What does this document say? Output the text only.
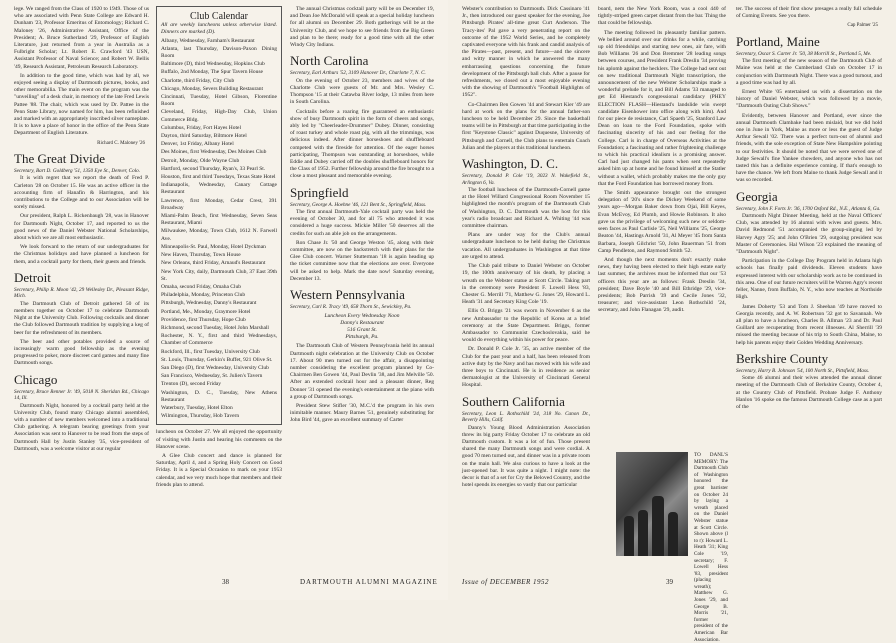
lege. We ranged from the Class of 1920 to 1949. Those of us who are associated with Penn State College are Edward H. Dunham '23, Professor Emeritus of Entomology; Richard C. Maloney '26, Administrative Assistant, Office of the President; A. Bruce Sutherland '29, Professor of English Literature, just returned from a year in Australia as a Fulbright Scholar; Lt. Robert E. Crawford '43 USN, Assistant Professor of Naval Science; and Robert W. Bellis '49, Research Assistant, Petroleum Research Laboratory.

In addition to the good time, which was had by all, we enjoyed seeing a display of Dartmouth pictures, books, and other memorabilia. The main event on the program was the "unveiling" of a desk chair, in memory of the late Fred Lewis Pattee '88. The chair, which was used by Dr. Pattee in the Penn State Library, now named for him, has been refinished and marked with an appropriately inscribed silver nameplate. It is to have a place of honor in the office of the Penn State Department of English Literature.

Richard C. Maloney '26
The Great Divide
Secretary, Bart D. Goldberg '51, 1350 Eye St., Denver, Colo.

It is with regret that we report the death of Fred P. Carleton '28 on October 15. He was an active officer in the accounting firm of Hanafin & Harrington, and his contributions to the College and to our Association will be sorely missed.

Our president, Ralph L. Rickenbaugh '28, was in Hanover for Dartmouth Night, October 17, and reported to us the good news of the Daniel Webster National Scholarships, about which we are all most enthusiastic.

We look forward to the return of our undergraduates for the Christmas holidays and have planned a luncheon for them, and a cocktail party for them, their guests and friends.

Detroit
Secretary, Philip R. Moon '42, 29 Wellesley Dr., Pleasant Ridge, Mich.

The Dartmouth Club of Detroit gathered 50 of its members together on October 17 to celebrate Dartmouth Night at the University Club. Following cocktails and dinner the Club followed Dartmouth tradition by supplying a keg of beer for the refreshment of its members.

The beer and other potables provided a source of increasingly warm good fellowship as the evening progressed to poker, more discreet card games and many fine Dartmouth songs.

Chicago
Secretary, Bruce Renner Jr. '49, 5018 N. Sheridan Rd., Chicago 14, Ill.

Dartmouth Night, honored by a cocktail party held at the University Club, found many Chicago alumni assembled, with a number of new members welcomed into a traditional Club gathering. A telegram bearing greetings from your Association was sent to Hanover to be read from the steps of Dartmouth Hall by Justin Stanley '35, vice-president of Dartmouth, was a welcome visitor at our regular

Club Calendar
All are weekly luncheons unless otherwise listed. Dinners are marked (D).
Albany, Wednesday, Farnham's Restaurant
Atlanta, last Thursday, Davison-Paxon Dining Room
Baltimore (D), third Wednesday, Hopkins Club
Buffalo, 2nd Monday, The Spur Tavern House
Charlotte, third Friday, City Club
Chicago, Monday, Severs Building Restaurant
Cincinnati, Tuesday, Hotel Gibson, Florentine Room
Cleveland, Friday, High-Day Club, Union Commerce Bldg.
Columbus, Friday, Fort Hayes Hotel
Dayton, third Saturday, Biltmore Hotel
Denver, 1st Friday, Albany Hotel
Des Moines, first Wednesday, Des Moines Club
Detroit, Monday, Olde Wayne Club
Hartford, second Thursday, Ryan's, 33 Pearl St.
Houston, first and third Tuesdays, Texas State Hotel
Indianapolis, Wednesday, Canary Cottage Restaurant
Lawrence, first Monday, Cedar Crest, 391 Broadway
Miami-Palm Beach, first Wednesday, Seven Seas Restaurant, Miami
Milwaukee, Monday, Town Club, 1612 N. Farwell Ave.
Minneapolis-St. Paul, Monday, Hotel Dyckman
New Haven, Thursday, Town House
New Orleans, third Friday, Arnaud's Restaurant
New York City, daily, Dartmouth Club, 37 East 39th St.
Omaha, second Friday, Omaha Club
Philadelphia, Monday, Princeton Club
Pittsburgh, Wednesday, Danny's Restaurant
Portland, Me., Monday, Graymore Hotel
Providence, first Thursday, Hope Club
Richmond, second Tuesday, Hotel John Marshall
Rochester, N. Y., first and third Wednesdays, Chamber of Commerce
Rockford, Ill., first Tuesday, University Club
St. Louis, Thursday, Gerkin's Buffet, 921 Olive St.
San Diego (D), first Wednesday, University Club
San Francisco, Wednesday, St. Julien's Tavern
Trenton (D), second Friday
Washington, D. C., Tuesday, New Athens Restaurant
Waterbury, Tuesday, Hotel Elton
Wilmington, Thursday, Hob Tavern

luncheon on October 27. We all enjoyed the opportunity of visiting with Justin and hearing his comments on the Hanover scene.

A Glee Club concert and dance is planned for Saturday, April 4, and a Spring Holy Concert on Good Friday. It is a Special Occasion to mark on your 1953 calendar, and we very much hope that members and their friends plan to attend.

The annual Christmas cocktail party will be on December 19, and Dean Joe McDonald will speak at a special holiday luncheon for all alumni on December 29. Both gatherings will be at the University Club, and we hope to see friends from the Big Green and plan to be there; ready for a good time with all the other Windy City Indians.

North Carolina
Secretary, Earl Arthurs '52, 3109 Hanover Dr., Charlotte 7, N. C.

On the evening of October 23, members and wives of the Charlotte Club were guests of Mr. and Mrs. Wesley C. Thompson '15 at their Catawba River lodge, 13 miles from here in South Carolina.

Cocktails before a roaring fire guaranteed an enthusiastic show of busy Dartmouth spirit in the form of cheers and songs, ably led by "Cheerleader-Drummer" Dubey. Dinner, consisting of roast turkey and whole roast pig, with all the trimmings, was delicious indeed. After dinner horseshoes and shuffleboard competed with the fireside for attention. Of the eager horses participating, Thompson was outstanding at horseshoes, while Eddie and Dubey carried off the doubles shuffleboard honors for the Class of 1952. Further fellowship around the fire brought to a close a most pleasant and memorable evening.

Springfield
Secretary, George A. Hoehne '46, 121 Bent St., Springfield, Mass.

The first annual Dartmouth-Yale cocktail party was held the evening of October 30, and for all 75 who attended it was considered a huge success. Mickie Miller '50 deserves all the credits for such an able job on the arrangements.

Ron Chase Jr. '50 and George Weston '45, along with their committee, are now on the backstretch with their plans for the Glee Club concert. Warner Stutterman '18 is again heading up the ticket committee now that the elections are over. Everyone will be asked to help. Mark the date now! Saturday evening, December 13.

Western Pennsylvania
Secretary, Carl R. Tracy '49, 658 Thorn St., Sewickley, Pa.
Luncheon Every Wednesday Noon
Danny's Restaurant
516 Grant St.
Pittsburgh, Pa.

The Dartmouth Club of Western Pennsylvania held its annual Dartmouth night celebration at the University Club on October 17. About 90 men turned out for the affair, a disappointing number considering the excellent program planned by Co-Chairmen Ben Gowen '44, Paul Devlin '38, and Jim Melville '50. After an extended cocktail hour and a pleasant dinner, Reg Donner '31 opened the evening's entertainment at the piano with a group of Dartmouth songs.

President Stew Stifler '30, M.C.'d the program in his own inimitable manner. Maury Barnes '51, genuinely substituting for John Bird '44, gave an excellent summary of Carter

38	DARTMOUTH ALUMNI MAGAZINE

Webster's contribution to Dartmouth. Dick Cassinaro '41 Jr., then introduced our guest speaker for the evening, Joe Pittsburgh Pirates' all-time great Curt Anderson. The Tracy-ites' Pal gave a very penetrating report on the outcome of the 1952 World Series, and he completely captivated everyone with his frank and candid analysis of the Pirates—past, present, and future—and the sincere and witty manner in which he answered the many embarrassing questions concerning the future development of the Pittsburgh ball club. After a pause for refreshments, we closed out a most enjoyable evening with the showing of Dartmouth's "Football Highlights of 1952".

Co-Chairmen Ben Gowen '44 and Stewart Kier '49 are hard at work on the plans for the annual father-son luncheon to be held December 29. Since the basketball teams will be in Pittsburgh at that time participating in the first "Keystone Classic" against Duquesne, University of Pittsburgh and Cornell, the Club plans to entertain Coach Julian and the players at this traditional luncheon.

Washington, D. C.
Secretary, Donald P. Cole '19, 3023 N. Wakefield St., Arlington 6, Va.

The football luncheon of the Dartmouth-Cornell game at the Hotel Willard Congressional Room November 15 highlighted the month's program of the Dartmouth Club of Washington, D. C. Dartmouth was the host for this year's radio broadcast and Richard A. Whiting '44 was committee chairman.

Plans are under way for the Club's annual undergraduate luncheon to be held during the Christmas vacation. All undergraduates in Washington at that time are urged to attend.

The Club paid tribute to Daniel Webster on October 19, the 100th anniversary of his death, by placing a wreath on the Webster statue at Scott Circle. Taking part in the ceremony were President F. Lowell Hess '83, Chester G. Merrill '71, Matthew G. Jones '29, Howard L. Heath '31 and Secretary King Cole '19.

Ellis O. Briggs '21 was sworn in November 6 as the new Ambassador to the Republic of Korea at a brief ceremony at the State Department. Briggs, former Ambassador to Communist Czechoslovakia, said he would do everything within his power for peace.

Dr. Donald P. Cole Jr. '35, an active member of the Club for the past year and a half, has been released from active duty by the Navy and has moved with his wife and three boys to Cincinnati. He is in residence as senior dermatologist at the University of Cincinnati General Hospital.

Southern California
Secretary, Leon L. Rothschild '24, 318 No. Canon Dr., Beverly Hills, Calif.

Danny's Young Blood Administration Association threw its big party Friday October 17 to celebrate an old Dartmouth custom. It was a lot of fun. Those present shared the many Dartmouth songs and were cordial. A good 70 men turned out, and dinner was in a private room on the main hall. We also curious to have a look at the just-opened bar. It was quite a night. I might note: the decor is that of a set for Cry the Beloved Country, and the hotel spends its energies so vastly that our particular

board, nem the New York Room, was a cool 440 of tightly-striped green carpet distant from the bar. Thing the that could be fellowship.

The meeting followed its pleasantly familiar pattern. We bellied around over our drinks for a while, catching up old friendships and starting new ones, air fare, with Bob Williams '26 and Don Bremmer '28 leading songs between courses, and President Frank Dreslin '34 proving his aplomb against the hecklers. The College had sent out on new traditional Dartmouth Night transcription, the announcement of the new Webster Scholarships made a wonderful prelude for it, and Bill Adams '33 managed to get Ed Hiestand's congressional candidacy (PHEY ELECTION FLASH—Hiestand's landslide win swept candidate Eisenhower into office along with him). And for our piece de resistance, Carl Spaeth '25, Stanford Law Dean on loan to the Ford Foundation, spoke with fascinating sincerity of his and our feeling for the College. Carl is in charge of Overseas Activities at the Foundation; a fascinating and rather frightening challenge to which his practical idealism is a promising answer. Carl had just changed his pants when sent repeatedly asked him up at home and he found himself at the Statler without a wallet, which probably makes me the only guy that the Ford Foundation has borrowed money from.

The Smith appearance brought out the strongest delegation of '20's since the Dickey Weekend of some years ago—Morgan Baker down from Ojai, Bill Keyes, Evan McEvoy, Ed Plumb, and Howie Robinson. It also gave us the privilege of welcoming such new or seldom-seen faces as Paul Carlisle '25, Neil Williams '25, George Beaton '44, Hastings Arnold '31, Al Meyer '45 from Santa Barbara, Joseph Gilchrist '50, John Bauerman '51 from Camp Pendleton, and Raymond Smith '52.

And though the next moments don't exactly make news, they having been elected to their high estate early last summer, the archives must be informed that our '53 officers this year are as follows: Frank Dreslin '34, president; Dave Boyle '40 and Bill Ethridge '29, vice-presidents; Bob Parrish '39 and Cecile Jones '32, treasurer; and vice-assistant Leon Rothschild '24, secretary, and John Flanagan '29, audit.

TO DANL'S MEMORY: The Dartmouth Club of Washington honored the great barrister on October 24 by laying a wreath placed on the Daniel Webster statue at Scott Circle. Shown above (l to r): Howard L. Heath '31; King Cole '19, secretary; F. Lowell Hess '83, president (placing wreath); Matthew G. Jones '29, and George B. Morris '21, former president of the American Bar Association.

ter. The success of their first show presages a really full schedule of Coming Events. See you there.

Cap Palmer '25
Portland, Maine
Secretary, Oscar S. Carter Jr. '50, 38 Morrill St., Portland 5, Me.

The first meeting of the new season of the Dartmouth Club of Maine was held at the Cumberland Club on October 17 in conjunction with Dartmouth Night. There was a good turnout, and a good time was had by all.

Ernest White '05 entertained us with a dissertation on the history of Daniel Webster, which was followed by a movie, "Dartmouth Outing Club Shows."

Evidently, between Hanover and Portland, ever since the annual Dartmouth Clambake had been mislaid, but we did hold one in June in York, Maine as more or less the guest of Judge Arthur Sewall '02. There was a perfect turn-out of alumni and friends, with the sole exception of State New Hampshire pointing to our festivities. It should be noted that we were served one of Judge Sewall's fine Yankee chowders, and anyone who has not tasted this has a definite experience coming. If that's enough to have the chance. We left from Maine to thank Judge Sewall and it was so recorded.

Georgia
Secretary, John F. Forts Jr. '36, 1700 Oxford Rd., N.E., Atlanta 6, Ga.

Dartmouth Night Dinner Meeting, held at the Naval Officers' Club, was attended by 16 alumni with wives and guests. Mrs. David Redmond '51 accompanied the group-singing led by Harvey Agry '25; and John O'Brien '29, outgoing president was Master of Ceremonies. Hal Wilson '23 explained the meaning of "Dartmouth Night".

Participation in the College Day Program held in Atlanta high schools has finally paid dividends. Eleven students have expressed interest with our scholarship work as to be continued in this area. One of our future recruiters will be Warren Agry's recent feller, Nanne, from Buffalo, N. Y., who now teaches at Northside High.

James Doherty '53 and Tom J. Sheehan '49 have moved to Georgia recently, and A. W. Robertson '32 got to Savannah. We all plan to have a luncheon, Charles B. Allman '23 and Dr. Paul Guillard are recuperating from recent illnesses. Al Sherrill '39 missed the meeting because of his trip to South China, Maine, to help his parents enjoy their Golden Wedding Anniversary.

Berkshire County
Secretary, Harry B. Johnson '54, 100 North St., Pittsfield, Mass.

Some 46 alumni and their wives attended the annual dinner meeting of the Dartmouth Club of Berkshire County, October 4, at the Country Club of Pittsfield. Probate Judge F. Anthony Hanlon '16 spoke on the famous Dartmouth College case as a part of the

Issue of DECEMBER 1952	39
